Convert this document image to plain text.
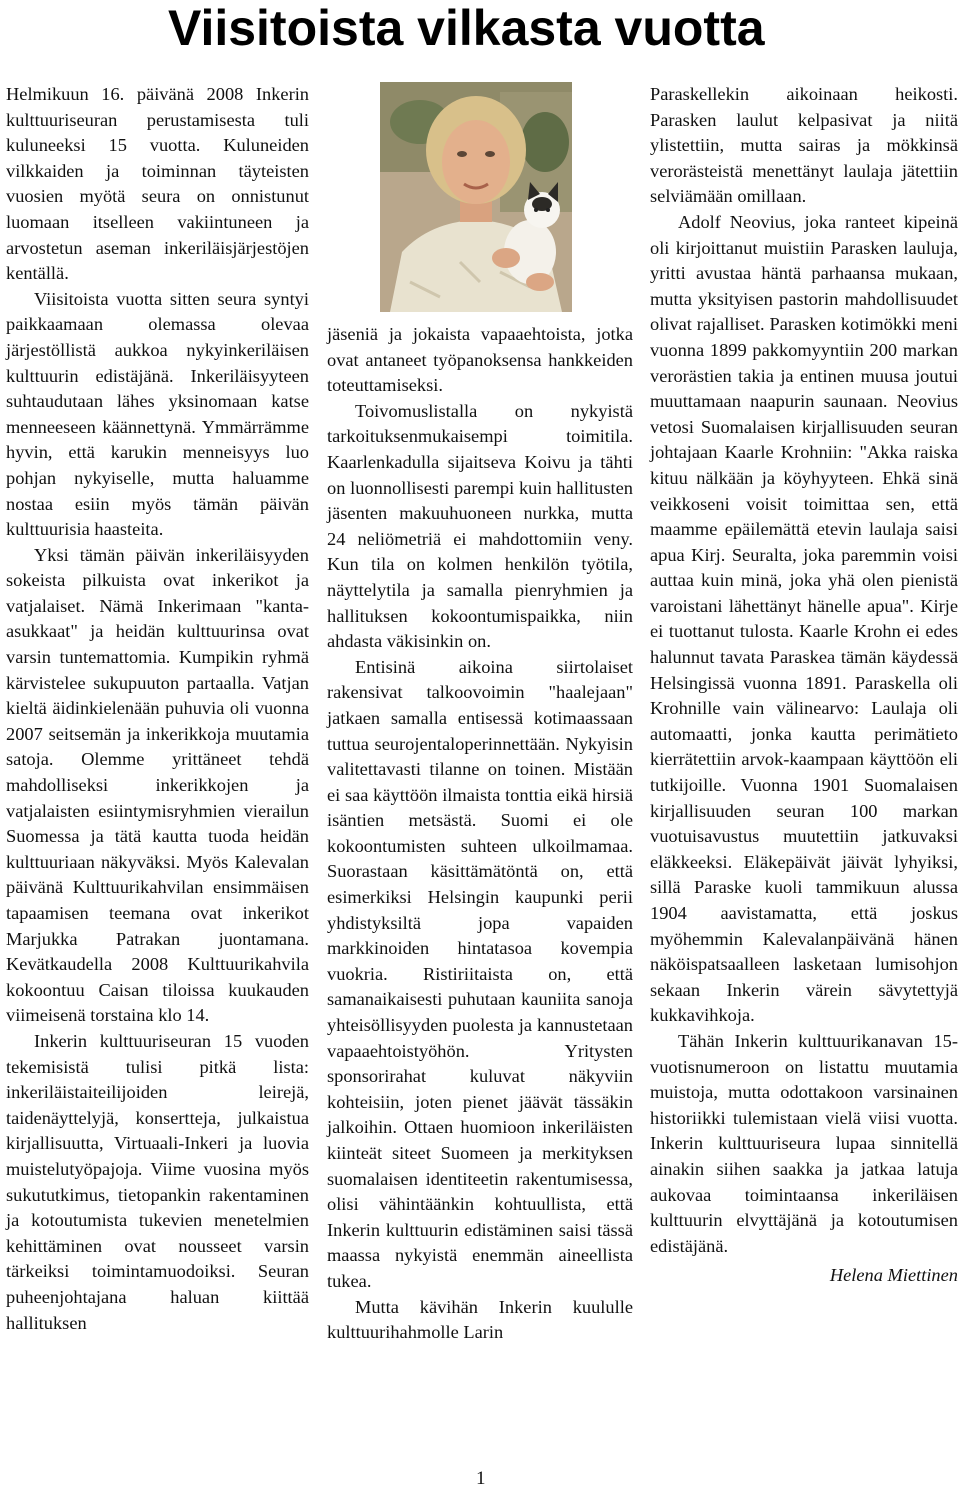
Viisitoista vilkasta vuotta

Helmikuun 16. päivänä 2008 Inkerin kulttuuriseuran perustamisesta tuli kuluneeksi 15 vuotta. Kuluneiden vilkkaiden ja toiminnan täyteisten vuosien myötä seura on onnistunut luomaan itselleen vakiintuneen ja arvostetun aseman inkeriläisjärjestöjen kentällä.

Viisitoista vuotta sitten seura syntyi paikkaamaan olemassa olevaa järjestöllistä aukkoa nykyinkeriläisen kulttuurin edistäjänä. Inkeriläisyyteen suhtaudutaan lähes yksinomaan katse menneeseen käännettynä. Ymmärrämme hyvin, että karukin menneisyys luo pohjan nykyiselle, mutta haluamme nostaa esiin myös tämän päivän kulttuurisia haasteita.

Yksi tämän päivän inkeriläisyyden sokeista pilkuista ovat inkerikot ja vatjalaiset. Nämä Inkerimaan "kanta-asukkaat" ja heidän kulttuurinsa ovat varsin tuntemattomia. Kumpikin ryhmä kärvistelee sukupuuton partaalla. Vatjan kieltä äidinkielenään puhuvia oli vuonna 2007 seitsemän ja inkerikkoja muutamia satoja. Olemme yrittäneet tehdä mahdolliseksi inkerikkojen ja vatjalaisten esiintymisryhmien vierailun Suomessa ja tätä kautta tuoda heidän kulttuuriaan näkyväksi. Myös Kalevalan päivänä Kulttuurikahvilan ensimmäisen tapaamisen teemana ovat inkerikot Marjukka Patrakan juontamana. Kevätkaudella 2008 Kulttuurikahvila kokoontuu Caisan tiloissa kuukauden viimeisenä torstaina klo 14.

Inkerin kulttuuriseuran 15 vuoden tekemisistä tulisi pitkä lista: inkeriläistaiteilijoiden leirejä, taidenäyttelyjä, konsertteja, julkaistua kirjallisuutta, Virtuaali-Inkeri ja luovia muistelutyöpajoja. Viime vuosina myös sukututkimus, tietopankin rakentaminen ja kotoutumista tukevien menetelmien kehittäminen ovat nousseet varsin tärkeiksi toimintamuodoiksi. Seuran puheenjohtajana haluan kiittää hallituksen

jäseniä ja jokaista vapaaehtoista, jotka ovat antaneet työpanoksensa hankkeiden toteuttamiseksi.

Toivomuslistalla on nykyistä tarkoituksenmukaisempi toimitila. Kaarlenkadulla sijaitseva Koivu ja tähti on luonnollisesti parempi kuin hallitusten jäsenten makuuhuoneen nurkka, mutta 24 neliömetriä ei mahdottomiin veny. Kun tila on kolmen henkilön työtila, näyttelytila ja samalla pienryhmien ja hallituksen kokoontumispaikka, niin ahdasta väkisinkin on.

Entisinä aikoina siirtolaiset rakensivat talkoovoimin "haalejaan" jatkaen samalla entisessä kotimaassaan tuttua seurojentaloperinnettään. Nykyisin valitettavasti tilanne on toinen. Mistään ei saa käyttöön ilmaista tonttia eikä hirsiä isäntien metsästä. Suomi ei ole kokoontumisten suhteen ulkoilmamaa. Suorastaan käsittämätöntä on, että esimerkiksi Helsingin kaupunki perii yhdistyksiltä jopa vapaiden markkinoiden hintatasoa kovempia vuokria. Ristiriitaista on, että samanaikaisesti puhutaan kauniita sanoja yhteisöllisyyden puolesta ja kannustetaan vapaaehtoistyöhön. Yritysten sponsorirahat kuluvat näkyviin kohteisiin, joten pienet jäävät tässäkin jalkoihin. Ottaen huomioon inkeriläisten kiinteät siteet Suomeen ja merkityksen suomalaisen identiteetin rakentumisessa, olisi vähintäänkin kohtuullista, että Inkerin kulttuurin edistäminen saisi tässä maassa nykyistä enemmän aineellista tukea.

Mutta kävihän Inkerin kuululle kulttuurihahmolle Larin

Paraskellekin aikoinaan heikosti. Parasken laulut kelpasivat ja niitä ylistettiin, mutta sairas ja mökkinsä verorästeistä menettänyt laulaja jätettiin selviämään omillaan.

Adolf Neovius, joka ranteet kipeinä oli kirjoittanut muistiin Parasken lauluja, yritti avustaa häntä parhaansa mukaan, mutta yksityisen pastorin mahdollisuudet olivat rajalliset. Parasken kotimökki meni vuonna 1899 pakkomyyntiin 200 markan verorästien takia ja entinen muusa joutui muuttamaan naapurin saunaan. Neovius vetosi Suomalaisen kirjallisuuden seuran johtajaan Kaarle Krohniin: "Akka raiska kituu nälkään ja köyhyyteen. Ehkä sinä veikkoseni voisit toimittaa sen, että maamme epäilemättä etevin laulaja saisi apua Kirj. Seuralta, joka paremmin voisi auttaa kuin minä, joka yhä olen pienistä varoistani lähettänyt hänelle apua". Kirje ei tuottanut tulosta. Kaarle Krohn ei edes halunnut tavata Paraskea tämän käydessä Helsingissä vuonna 1891. Paraskella oli Krohnille vain välinearvo: Laulaja oli automaatti, jonka kautta perimätieto kierrätettiin arvok-kaampaan käyttöön eli tutkijoille. Vuonna 1901 Suomalaisen kirjallisuuden seuran 100 markan vuotuisavustus muutettiin jatkuvaksi eläkkeeksi. Eläkepäivät jäivät lyhyiksi, sillä Paraske kuoli tammikuun alussa 1904 aavistamatta, että joskus myöhemmin Kalevalanpäivänä hänen näköispatsaalleen lasketaan lumisohjon sekaan Inkerin värein sävytettyjä kukkavihkoja.

Tähän Inkerin kulttuurikanavan 15-vuotisnumeroon on listattu muutamia muistoja, mutta odottakoon varsinainen historiikki tulemistaan vielä viisi vuotta. Inkerin kulttuuriseura lupaa sinnitellä ainakin siihen saakka ja jatkaa latuja aukovaa toimintaansa inkeriläisen kulttuurin elvyttäjänä ja kotoutumisen edistäjänä.

Helena Miettinen

1
